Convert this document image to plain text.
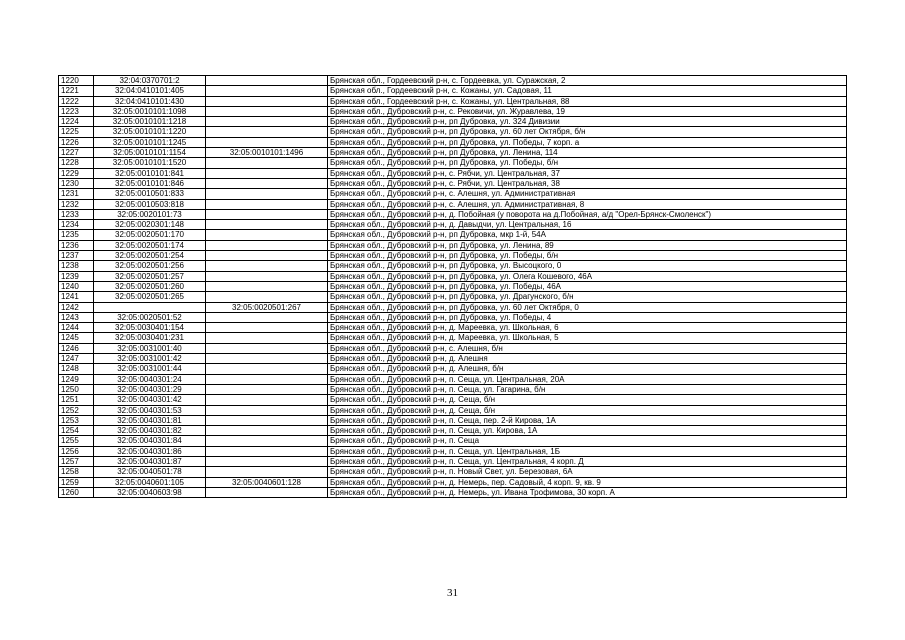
1220	32:04:0370701:2		Брянская обл., Гордеевский р-н, с. Гордеевка, ул. Суражская, 2
1221	32:04:0410101:405		Брянская обл., Гордеевский р-н, с. Кожаны, ул. Садовая, 11
1222	32:04:0410101:430		Брянская обл., Гордеевский р-н, с. Кожаны, ул. Центральная, 88
1223	32:05:0010101:1098		Брянская обл., Дубровский р-н, с. Рековичи, ул. Журавлева, 19
1224	32:05:0010101:1218		Брянская обл., Дубровский р-н, рп Дубровка, ул. 324 Дивизии
1225	32:05:0010101:1220		Брянская обл., Дубровский р-н, рп Дубровка, ул. 60 лет Октября, б/н
1226	32:05:0010101:1245		Брянская обл., Дубровский р-н, рп Дубровка, ул. Победы, 7 корп. а
1227	32:05:0010101:1154	32:05:0010101:1496	Брянская обл., Дубровский р-н, рп Дубровка, ул. Ленина, 114
1228	32:05:0010101:1520		Брянская обл., Дубровский р-н, рп Дубровка, ул. Победы, б/н
1229	32:05:0010101:841		Брянская обл., Дубровский р-н, с. Рябчи, ул. Центральная, 37
1230	32:05:0010101:846		Брянская обл., Дубровский р-н, с. Рябчи, ул. Центральная, 38
1231	32:05:0010501:833		Брянская обл., Дубровский р-н, с. Алешня, ул. Административная
1232	32:05:0010503:818		Брянская обл., Дубровский р-н, с. Алешня, ул. Административная, 8
1233	32:05:0020101:73		Брянская обл., Дубровский р-н, д. Побойная (у поворота на д.Побойная, а/д "Орел-Брянск-Смоленск")
1234	32:05:0020301:148		Брянская обл., Дубровский р-н, д. Давыдчи, ул. Центральная, 16
1235	32:05:0020501:170		Брянская обл., Дубровский р-н, рп Дубровка, мкр 1-й, 54А
1236	32:05:0020501:174		Брянская обл., Дубровский р-н, рп Дубровка, ул. Ленина, 89
1237	32:05:0020501:254		Брянская обл., Дубровский р-н, рп Дубровка, ул. Победы, б/н
1238	32:05:0020501:256		Брянская обл., Дубровский р-н, рп Дубровка, ул. Высоцкого, 0
1239	32:05:0020501:257		Брянская обл., Дубровский р-н, рп Дубровка, ул. Олега Кошевого, 46А
1240	32:05:0020501:260		Брянская обл., Дубровский р-н, рп Дубровка, ул. Победы, 46А
1241	32:05:0020501:265		Брянская обл., Дубровский р-н, рп Дубровка, ул. Драгунского, б/н
1242		32:05:0020501:267	Брянская обл., Дубровский р-н, рп Дубровка, ул. 60 лет Октября, 0
1243	32:05:0020501:52		Брянская обл., Дубровский р-н, рп Дубровка, ул. Победы, 4
1244	32:05:0030401:154		Брянская обл., Дубровский р-н, д. Мареевка, ул. Школьная, 6
1245	32:05:0030401:231		Брянская обл., Дубровский р-н, д. Мареевка, ул. Школьная, 5
1246	32:05:0031001:40		Брянская обл., Дубровский р-н, с. Алешня, б/н
1247	32:05:0031001:42		Брянская обл., Дубровский р-н, д. Алешня
1248	32:05:0031001:44		Брянская обл., Дубровский р-н, д. Алешня, б/н
1249	32:05:0040301:24		Брянская обл., Дубровский р-н, п. Сеща, ул. Центральная, 20А
1250	32:05:0040301:29		Брянская обл., Дубровский р-н, п. Сеща, ул. Гагарина, б/н
1251	32:05:0040301:42		Брянская обл., Дубровский р-н, д. Сеща, б/н
1252	32:05:0040301:53		Брянская обл., Дубровский р-н, д. Сеща, б/н
1253	32:05:0040301:81		Брянская обл., Дубровский р-н, п. Сеща, пер. 2-й Кирова, 1А
1254	32:05:0040301:82		Брянская обл., Дубровский р-н, п. Сеща, ул. Кирова, 1А
1255	32:05:0040301:84		Брянская обл., Дубровский р-н, п. Сеща
1256	32:05:0040301:86		Брянская обл., Дубровский р-н, п. Сеща, ул. Центральная, 1Б
1257	32:05:0040301:87		Брянская обл., Дубровский р-н, п. Сеща, ул. Центральная, 4 корп. Д
1258	32:05:0040501:78		Брянская обл., Дубровский р-н, п. Новый Свет, ул. Березовая, 6А
1259	32:05:0040601:105	32:05:0040601:128	Брянская обл., Дубровский р-н, д. Немерь, пер. Садовый, 4 корп. 9, кв. 9
1260	32:05:0040603:98		Брянская обл., Дубровский р-н, д. Немерь, ул. Ивана Трофимова, 30 корп. А
31
